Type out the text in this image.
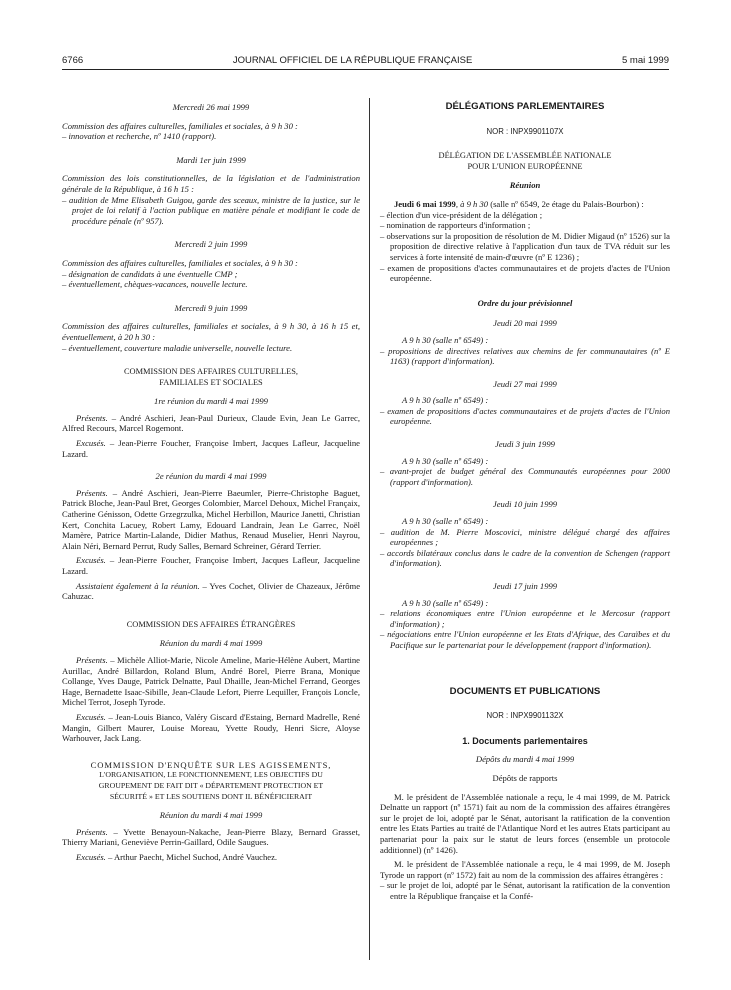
6766	JOURNAL OFFICIEL DE LA RÉPUBLIQUE FRANÇAISE	5 mai 1999

Mercredi 26 mai 1999

Commission des affaires culturelles, familiales et sociales, à 9 h 30 :

– innovation et recherche, nº 1410 (rapport).

Mardi 1er juin 1999

Commission des lois constitutionnelles, de la législation et de l'administration générale de la République, à 16 h 15 :

– audition de Mme Elisabeth Guigou, garde des sceaux, ministre de la justice, sur le projet de loi relatif à l'action publique en matière pénale et modifiant le code de procédure pénale (nº 957).

Mercredi 2 juin 1999

Commission des affaires culturelles, familiales et sociales, à 9 h 30 :

– désignation de candidats à une éventuelle CMP ;

– éventuellement, chèques-vacances, nouvelle lecture.

Mercredi 9 juin 1999

Commission des affaires culturelles, familiales et sociales, à 9 h 30, à 16 h 15 et, éventuellement, à 20 h 30 :

– éventuellement, couverture maladie universelle, nouvelle lecture.

COMMISSION DES AFFAIRES CULTURELLES,

FAMILIALES ET SOCIALES

1re réunion du mardi 4 mai 1999

Présents. – André Aschieri, Jean-Paul Durieux, Claude Evin, Jean Le Garrec, Alfred Recours, Marcel Rogemont.

Excusés. – Jean-Pierre Foucher, Françoise Imbert, Jacques Lafleur, Jacqueline Lazard.

2e réunion du mardi 4 mai 1999

Présents. – André Aschieri, Jean-Pierre Baeumler, Pierre-Christophe Baguet, Patrick Bloche, Jean-Paul Bret, Georges Colombier, Marcel Dehoux, Michel Françaix, Catherine Génisson, Odette Grzegrzulka, Michel Herbillon, Maurice Janetti, Christian Kert, Conchita Lacuey, Robert Lamy, Edouard Landrain, Jean Le Garrec, Noël Mamère, Patrice Martin-Lalande, Didier Mathus, Renaud Muselier, Henri Nayrou, Alain Néri, Bernard Perrut, Rudy Salles, Bernard Schreiner, Gérard Terrier.

Excusés. – Jean-Pierre Foucher, Françoise Imbert, Jacques Lafleur, Jacqueline Lazard.

Assistaient également à la réunion. – Yves Cochet, Olivier de Chazeaux, Jérôme Cahuzac.

COMMISSION DES AFFAIRES ÉTRANGÈRES

Réunion du mardi 4 mai 1999

Présents. – Michèle Alliot-Marie, Nicole Ameline, Marie-Hélène Aubert, Martine Aurillac, André Billardon, Roland Blum, André Borel, Pierre Brana, Monique Collange, Yves Dauge, Patrick Delnatte, Paul Dhaille, Jean-Michel Ferrand, Georges Hage, Bernadette Isaac-Sibille, Jean-Claude Lefort, Pierre Lequiller, François Loncle, Michel Terrot, Joseph Tyrode.

Excusés. – Jean-Louis Bianco, Valéry Giscard d'Estaing, Bernard Madrelle, René Mangin, Gilbert Maurer, Louise Moreau, Yvette Roudy, Henri Sicre, Aloyse Warhouver, Jack Lang.

COMMISSION D'ENQUÊTE SUR LES AGISSEMENTS,

L'ORGANISATION, LE FONCTIONNEMENT, LES OBJECTIFS DU

GROUPEMENT DE FAIT DIT « DÉPARTEMENT PROTECTION ET

SÉCURITÉ » ET LES SOUTIENS DONT IL BÉNÉFICIERAIT

Réunion du mardi 4 mai 1999

Présents. – Yvette Benayoun-Nakache, Jean-Pierre Blazy, Bernard Grasset, Thierry Mariani, Geneviève Perrin-Gaillard, Odile Saugues.

Excusés. – Arthur Paecht, Michel Suchod, André Vauchez.

DÉLÉGATIONS PARLEMENTAIRES

NOR : INPX9901107X

DÉLÉGATION DE L'ASSEMBLÉE NATIONALE

POUR L'UNION EUROPÉENNE

Réunion

Jeudi 6 mai 1999, à 9 h 30 (salle nº 6549, 2e étage du Palais-Bourbon) :

– élection d'un vice-président de la délégation ;

– nomination de rapporteurs d'information ;

– observations sur la proposition de résolution de M. Didier Migaud (nº 1526) sur la proposition de directive relative à l'application d'un taux de TVA réduit sur les services à forte intensité de main-d'œuvre (nº E 1236) ;

– examen de propositions d'actes communautaires et de projets d'actes de l'Union européenne.

Ordre du jour prévisionnel

Jeudi 20 mai 1999

A 9 h 30 (salle nº 6549) :

– propositions de directives relatives aux chemins de fer communautaires (nº E 1163) (rapport d'information).

Jeudi 27 mai 1999

A 9 h 30 (salle nº 6549) :

– examen de propositions d'actes communautaires et de projets d'actes de l'Union européenne.

Jeudi 3 juin 1999

A 9 h 30 (salle nº 6549) :

– avant-projet de budget général des Communautés européennes pour 2000 (rapport d'information).

Jeudi 10 juin 1999

A 9 h 30 (salle nº 6549) :

– audition de M. Pierre Moscovici, ministre délégué chargé des affaires européennes ;

– accords bilatéraux conclus dans le cadre de la convention de Schengen (rapport d'information).

Jeudi 17 juin 1999

A 9 h 30 (salle nº 6549) :

– relations économiques entre l'Union européenne et le Mercosur (rapport d'information) ;

– négociations entre l'Union européenne et les Etats d'Afrique, des Caraïbes et du Pacifique sur le partenariat pour le développement (rapport d'information).

DOCUMENTS ET PUBLICATIONS

NOR : INPX9901132X

1. Documents parlementaires

Dépôts du mardi 4 mai 1999

Dépôts de rapports

M. le président de l'Assemblée nationale a reçu, le 4 mai 1999, de M. Patrick Delnatte un rapport (nº 1571) fait au nom de la commission des affaires étrangères sur le projet de loi, adopté par le Sénat, autorisant la ratification de la convention entre les Etats Parties au traité de l'Atlantique Nord et les autres Etats participant au partenariat pour la paix sur le statut de leurs forces (ensemble un protocole additionnel) (nº 1426).

M. le président de l'Assemblée nationale a reçu, le 4 mai 1999, de M. Joseph Tyrode un rapport (nº 1572) fait au nom de la commission des affaires étrangères :

– sur le projet de loi, adopté par le Sénat, autorisant la ratification de la convention entre la République française et la Confé-
